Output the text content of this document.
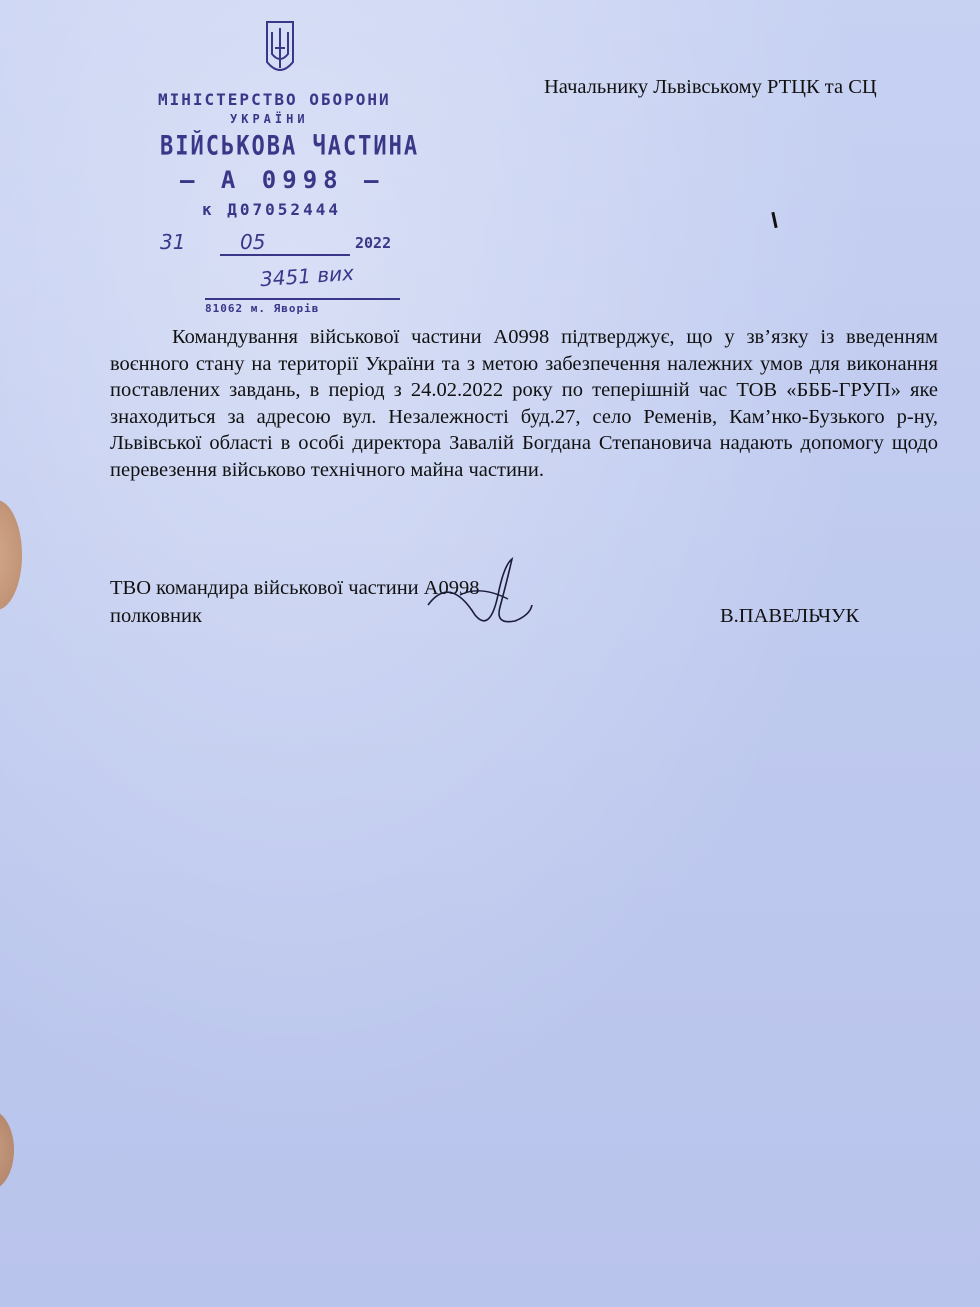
МІНІСТЕРСТВО ОБОРОНИ
УКРАЇНИ
ВІЙСЬКОВА ЧАСТИНА
— А 0998 —
к Д07052444
31	05	2022
3451 вих
81062 м. Яворів
Начальнику Львівському РТЦК та СЦ
Командування військової частини А0998 підтверджує, що у зв’язку із введенням воєнного стану на території України та з метою забезпечення належних умов для виконання поставлених завдань, в період з 24.02.2022 року по теперішній час ТОВ «БББ-ГРУП» яке знаходиться за адресою вул. Незалежності буд.27, село Ременів, Кам’нко-Бузького р-ну, Львівської області в особі директора Завалій Богдана Степановича надають допомогу щодо перевезення військово технічного майна частини.
ТВО командира військової частини А0998
полковник	В.ПАВЕЛЬЧУК
